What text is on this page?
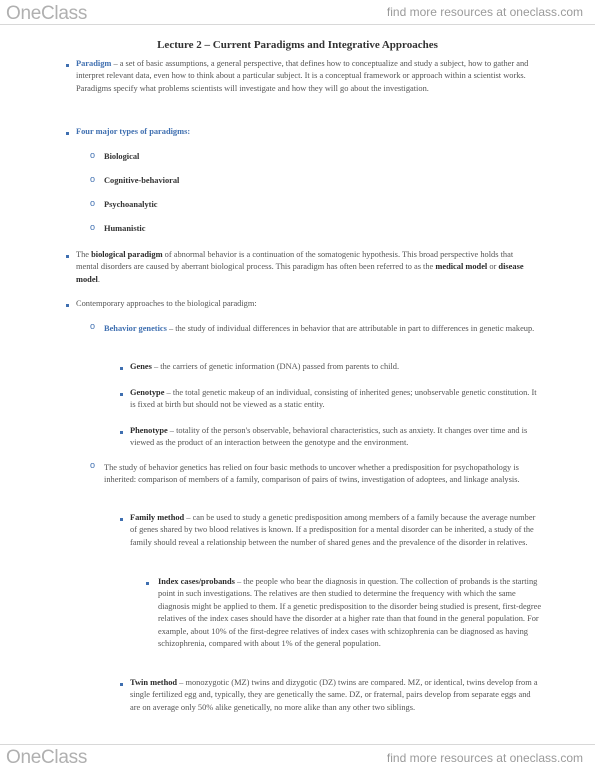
OneClass	find more resources at oneclass.com
Lecture 2 – Current Paradigms and Integrative Approaches
Paradigm – a set of basic assumptions, a general perspective, that defines how to conceptualize and study a subject, how to gather and interpret relevant data, even how to think about a particular subject. It is a conceptual framework or approach within a scientist works. Paradigms specify what problems scientists will investigate and how they will go about the investigation.
Four major types of paradigms:
o Biological
o Cognitive-behavioral
o Psychoanalytic
o Humanistic
The biological paradigm of abnormal behavior is a continuation of the somatogenic hypothesis. This broad perspective holds that mental disorders are caused by aberrant biological process. This paradigm has often been referred to as the medical model or disease model.
Contemporary approaches to the biological paradigm:
o Behavior genetics – the study of individual differences in behavior that are attributable in part to differences in genetic makeup.
Genes – the carriers of genetic information (DNA) passed from parents to child.
Genotype – the total genetic makeup of an individual, consisting of inherited genes; unobservable genetic constitution. It is fixed at birth but should not be viewed as a static entity.
Phenotype – totality of the person's observable, behavioral characteristics, such as anxiety. It changes over time and is viewed as the product of an interaction between the genotype and the environment.
o The study of behavior genetics has relied on four basic methods to uncover whether a predisposition for psychopathology is inherited: comparison of members of a family, comparison of pairs of twins, investigation of adoptees, and linkage analysis.
Family method – can be used to study a genetic predisposition among members of a family because the average number of genes shared by two blood relatives is known. If a predisposition for a mental disorder can be inherited, a study of the family should reveal a relationship between the number of shared genes and the prevalence of the disorder in relatives.
Index cases/probands – the people who bear the diagnosis in question. The collection of probands is the starting point in such investigations. The relatives are then studied to determine the frequency with which the same diagnosis might be applied to them. If a genetic predisposition to the disorder being studied is present, first-degree relatives of the index cases should have the disorder at a higher rate than that found in the general population. For example, about 10% of the first-degree relatives of index cases with schizophrenia can be diagnosed as having schizophrenia, compared with about 1% of the general population.
Twin method – monozygotic (MZ) twins and dizygotic (DZ) twins are compared. MZ, or identical, twins develop from a single fertilized egg and, typically, they are genetically the same. DZ, or fraternal, pairs develop from separate eggs and are on average only 50% alike genetically, no more alike than any other two siblings.
OneClass	find more resources at oneclass.com
